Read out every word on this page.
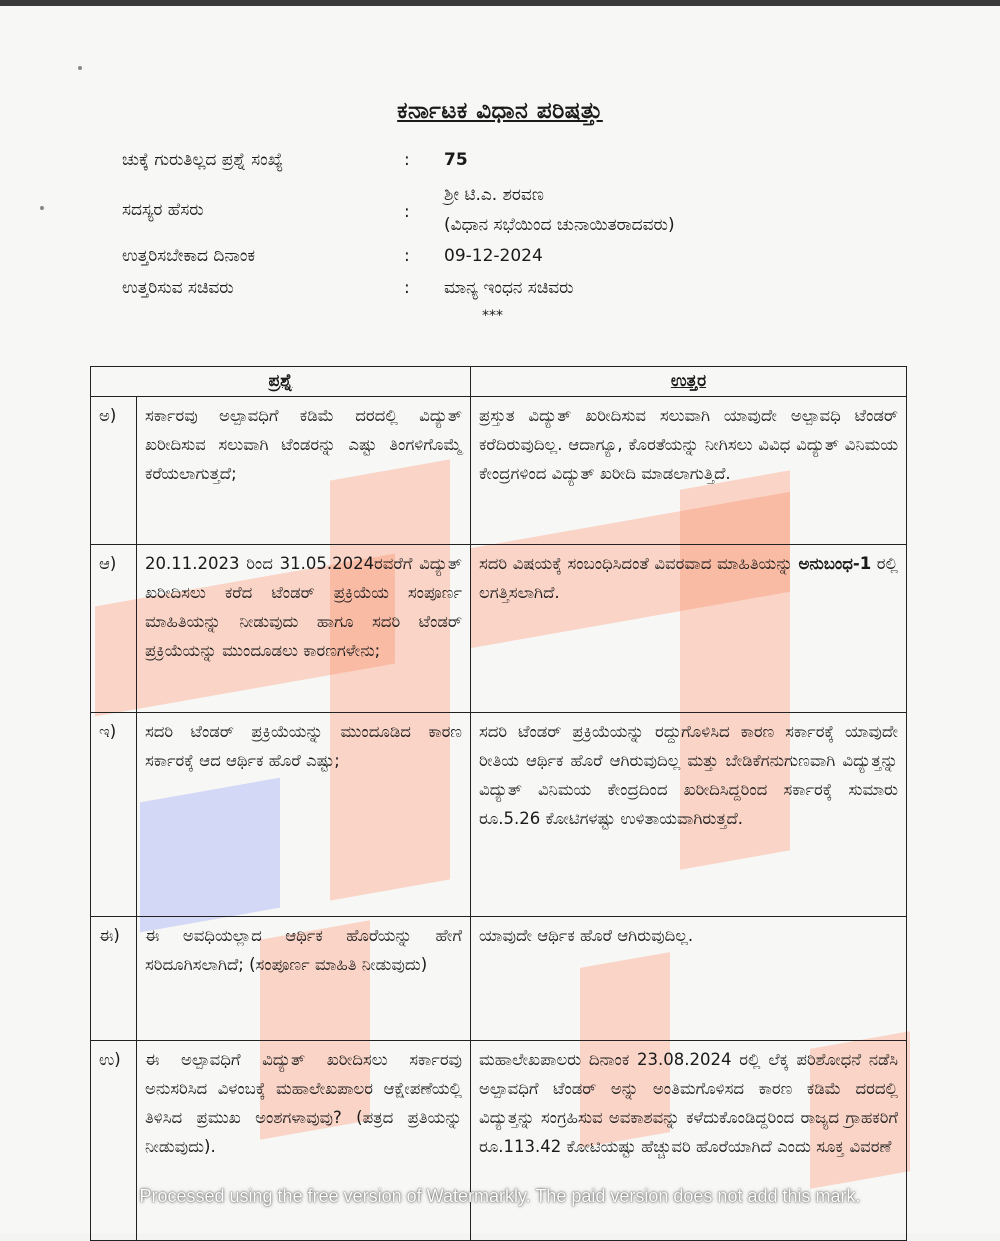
ಕರ್ನಾಟಕ ವಿಧಾನ ಪರಿಷತ್ತು
ಚುಕ್ಕೆ ಗುರುತಿಲ್ಲದ ಪ್ರಶ್ನೆ ಸಂಖ್ಯೆ	: 75
ಸದಸ್ಯರ ಹೆಸರು	:
ಶ್ರೀ ಟಿ.ಎ. ಶರವಣ
(ವಿಧಾನ ಸಭೆಯಿಂದ ಚುನಾಯಿತರಾದವರು)
ಉತ್ತರಿಸಬೇಕಾದ ದಿನಾಂಕ	: 09-12-2024
ಉತ್ತರಿಸುವ ಸಚಿವರು	: ಮಾನ್ಯ ಇಂಧನ ಸಚಿವರು
***
ಪ್ರಶ್ನೆ		ಉತ್ತರ
ಅ)	ಸರ್ಕಾರವು ಅಲ್ಪಾವಧಿಗೆ ಕಡಿಮೆ ದರದಲ್ಲಿ ವಿದ್ಯುತ್ ಖರೀದಿಸುವ ಸಲುವಾಗಿ ಟೆಂಡರನ್ನು ಎಷ್ಟು ತಿಂಗಳಿಗೊಮ್ಮೆ ಕರೆಯಲಾಗುತ್ತದೆ;	ಪ್ರಸ್ತುತ ವಿದ್ಯುತ್ ಖರೀದಿಸುವ ಸಲುವಾಗಿ ಯಾವುದೇ ಅಲ್ಪಾವಧಿ ಟೆಂಡರ್ ಕರೆದಿರುವುದಿಲ್ಲ. ಆದಾಗ್ಯೂ, ಕೊರತೆಯನ್ನು ನೀಗಿಸಲು ವಿವಿಧ ವಿದ್ಯುತ್ ವಿನಿಮಯ ಕೇಂದ್ರಗಳಿಂದ ವಿದ್ಯುತ್ ಖರೀದಿ ಮಾಡಲಾಗುತ್ತಿದೆ.
ಆ)	20.11.2023 ರಿಂದ 31.05.2024ರವರೆಗೆ ವಿದ್ಯುತ್ ಖರೀದಿಸಲು ಕರೆದ ಟೆಂಡರ್ ಪ್ರಕ್ರಿಯೆಯ ಸಂಪೂರ್ಣ ಮಾಹಿತಿಯನ್ನು ನೀಡುವುದು ಹಾಗೂ ಸದರಿ ಟೆಂಡರ್ ಪ್ರಕ್ರಿಯೆಯನ್ನು ಮುಂದೂಡಲು ಕಾರಣಗಳೇನು;	ಸದರಿ ವಿಷಯಕ್ಕೆ ಸಂಬಂಧಿಸಿದಂತೆ ವಿವರವಾದ ಮಾಹಿತಿಯನ್ನು ಅನುಬಂಧ-1 ರಲ್ಲಿ ಲಗತ್ತಿಸಲಾಗಿದೆ.
ಇ)	ಸದರಿ ಟೆಂಡರ್ ಪ್ರಕ್ರಿಯೆಯನ್ನು ಮುಂದೂಡಿದ ಕಾರಣ ಸರ್ಕಾರಕ್ಕೆ ಆದ ಆರ್ಥಿಕ ಹೊರೆ ಎಷ್ಟು;	ಸದರಿ ಟೆಂಡರ್ ಪ್ರಕ್ರಿಯೆಯನ್ನು ರದ್ದುಗೊಳಿಸಿದ ಕಾರಣ ಸರ್ಕಾರಕ್ಕೆ ಯಾವುದೇ ರೀತಿಯ ಆರ್ಥಿಕ ಹೊರೆ ಆಗಿರುವುದಿಲ್ಲ ಮತ್ತು ಬೇಡಿಕೆಗನುಗುಣವಾಗಿ ವಿದ್ಯುತ್ತನ್ನು ವಿದ್ಯುತ್ ವಿನಿಮಯ ಕೇಂದ್ರದಿಂದ ಖರೀದಿಸಿದ್ದರಿಂದ ಸರ್ಕಾರಕ್ಕೆ ಸುಮಾರು ರೂ.5.26 ಕೋಟಿಗಳಷ್ಟು ಉಳಿತಾಯವಾಗಿರುತ್ತದೆ.
ಈ)	ಈ ಅವಧಿಯಲ್ಲಾದ ಆರ್ಥಿಕ ಹೊರೆಯನ್ನು ಹೇಗೆ ಸರಿದೂಗಿಸಲಾಗಿದೆ; (ಸಂಪೂರ್ಣ ಮಾಹಿತಿ ನೀಡುವುದು)	ಯಾವುದೇ ಆರ್ಥಿಕ ಹೊರೆ ಆಗಿರುವುದಿಲ್ಲ.
ಉ)	ಈ ಅಲ್ಪಾವಧಿಗೆ ವಿದ್ಯುತ್ ಖರೀದಿಸಲು ಸರ್ಕಾರವು ಅನುಸರಿಸಿದ ವಿಳಂಬಕ್ಕೆ ಮಹಾಲೇಖಪಾಲರ ಆಕ್ಷೇಪಣೆಯಲ್ಲಿ ತಿಳಿಸಿದ ಪ್ರಮುಖ ಅಂಶಗಳಾವುವು? (ಪತ್ರದ ಪ್ರತಿಯನ್ನು ನೀಡುವುದು).	ಮಹಾಲೇಖಪಾಲರು ದಿನಾಂಕ 23.08.2024 ರಲ್ಲಿ ಲೆಕ್ಕ ಪರಿಶೋಧನೆ ನಡೆಸಿ ಅಲ್ಪಾವಧಿಗೆ ಟೆಂಡರ್ ಅನ್ನು ಅಂತಿಮಗೊಳಿಸದ ಕಾರಣ ಕಡಿಮೆ ದರದಲ್ಲಿ ವಿದ್ಯುತ್ತನ್ನು ಸಂಗ್ರಹಿಸುವ ಅವಕಾಶವನ್ನು ಕಳೆದುಕೊಂಡಿದ್ದರಿಂದ ರಾಜ್ಯದ ಗ್ರಾಹಕರಿಗೆ ರೂ.113.42 ಕೋಟಿಯಷ್ಟು ಹೆಚ್ಚುವರಿ ಹೊರೆಯಾಗಿದೆ ಎಂದು ಸೂಕ್ತ ವಿವರಣೆ
Processed using the free version of Watermarkly. The paid version does not add this mark.
